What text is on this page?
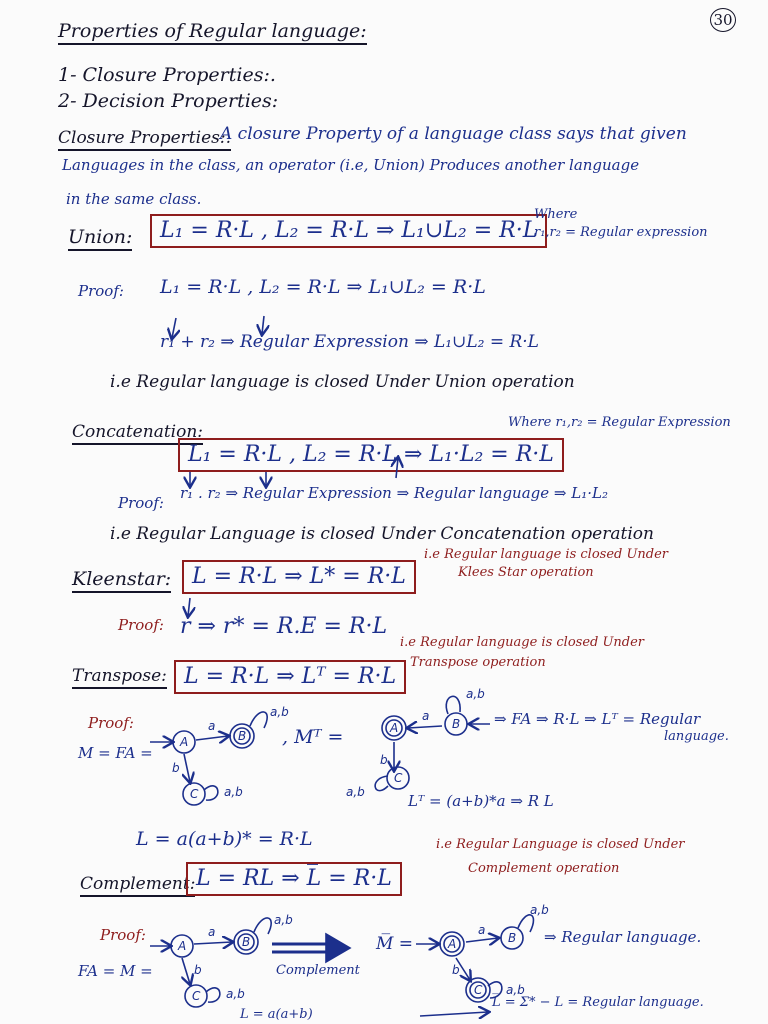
30
Properties of Regular language:
1- Closure Properties:.
2- Decision Properties:
Closure Properties:.
A closure Property of a language class says that given
Languages in the class, an operator (i.e, Union) Produces another language
in the same class.
Union:	L₁ = R·L , L₂ = R·L ⇒ L₁∪L₂ = R·L
Where
r₁,r₂ = Regular expression
Proof: L₁ = R·L , L₂ = R·L ⇒ L₁∪L₂ = R·L
r₁ + r₂ ⇒ Regular Expression ⇒ L₁∪L₂ = R·L
i.e Regular language is closed Under Union operation
Concatenation:
L₁ = R·L , L₂ = R·L ⇒ L₁·L₂ = R·L
Where r₁,r₂ = Regular Expression
Proof:
r₁ . r₂ ⇒ Regular Expression ⇒ Regular language ⇒ L₁·L₂
i.e Regular Language is closed Under Concatenation operation
Kleenstar: L = R·L ⇒ L* = R·L
i.e Regular language is closed Under
Klees Star operation
Proof: r ⇒ r* = R.E = R·L
Transpose: L = R·L ⇒ Lᵀ = R·L
i.e Regular language is closed Under
Transpose operation
Proof:
M = FA =
, Mᵀ =
⇒ FA ⇒ R·L ⇒ Lᵀ = Regular
language.
Lᵀ = (a+b)*a ⇒ R L
L = a(a+b)* = R·L
Complement: L = RL ⇒ L̅ = R·L
i.e Regular Language is closed Under
Complement operation
Proof:
FA = M =	Complement
M̅ =	⇒ Regular language.
L = a(a+b)
L̅ = Σ* − L = Regular language.
A	B
C
a
b
a,b
a,b
A	B
C
a
b
a,b
a,b
A	B
C
a
b
a,b
a,b
A	B
C
a
b
a,b
a,b
